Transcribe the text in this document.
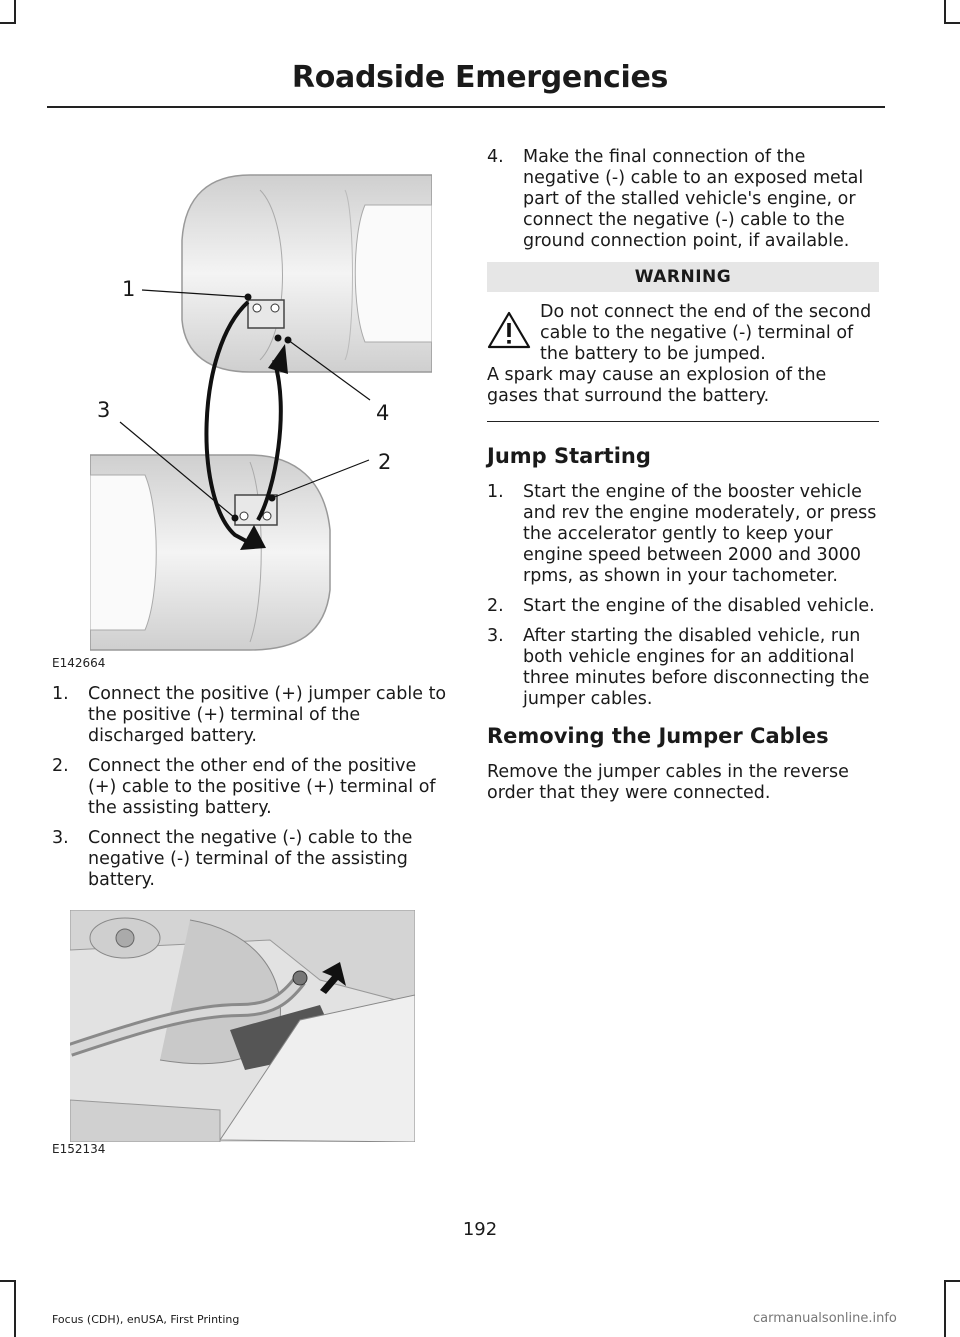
Roadside Emergencies
1
3	4
2
E142664
1. Connect the positive (+) jumper cable to the positive (+) terminal of the discharged battery.
2. Connect the other end of the positive (+) cable to the positive (+) terminal of the assisting battery.
3. Connect the negative (-) cable to the negative (-) terminal of the assisting battery.
E152134
4. Make the final connection of the negative (-) cable to an exposed metal part of the stalled vehicle's engine, or connect the negative (-) cable to the ground connection point, if available.
WARNING
Do not connect the end of the second cable to the negative (-) terminal of the battery to be jumped.
A spark may cause an explosion of the gases that surround the battery.
Jump Starting
1. Start the engine of the booster vehicle and rev the engine moderately, or press the accelerator gently to keep your engine speed between 2000 and 3000 rpms, as shown in your tachometer.
2. Start the engine of the disabled vehicle.
3. After starting the disabled vehicle, run both vehicle engines for an additional three minutes before disconnecting the jumper cables.
Removing the Jumper Cables
Remove the jumper cables in the reverse order that they were connected.
192
Focus (CDH), enUSA, First Printing	carmanualsonline.info
